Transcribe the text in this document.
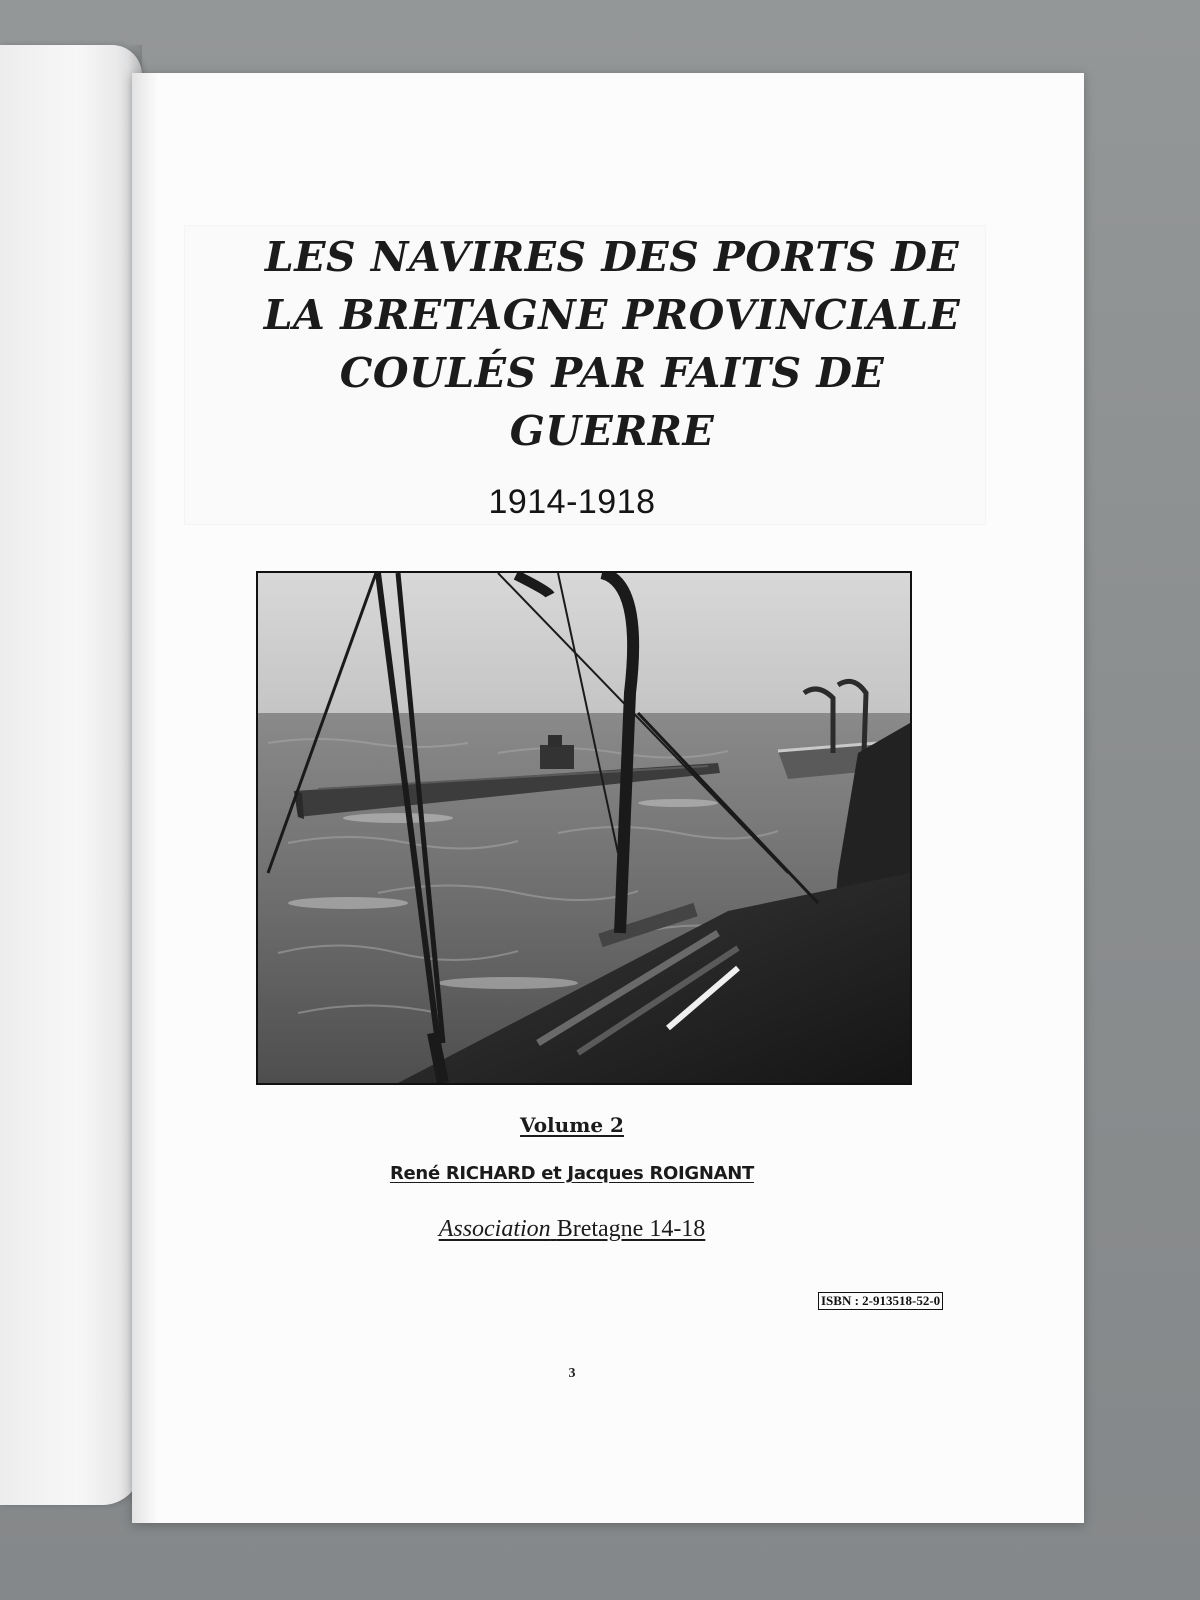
LES NAVIRES DES PORTS DE
LA BRETAGNE PROVINCIALE
COULÉS PAR FAITS DE
GUERRE
1914-1918
Volume 2
René RICHARD et Jacques ROIGNANT
Association Bretagne 14-18
ISBN : 2-913518-52-0
3
